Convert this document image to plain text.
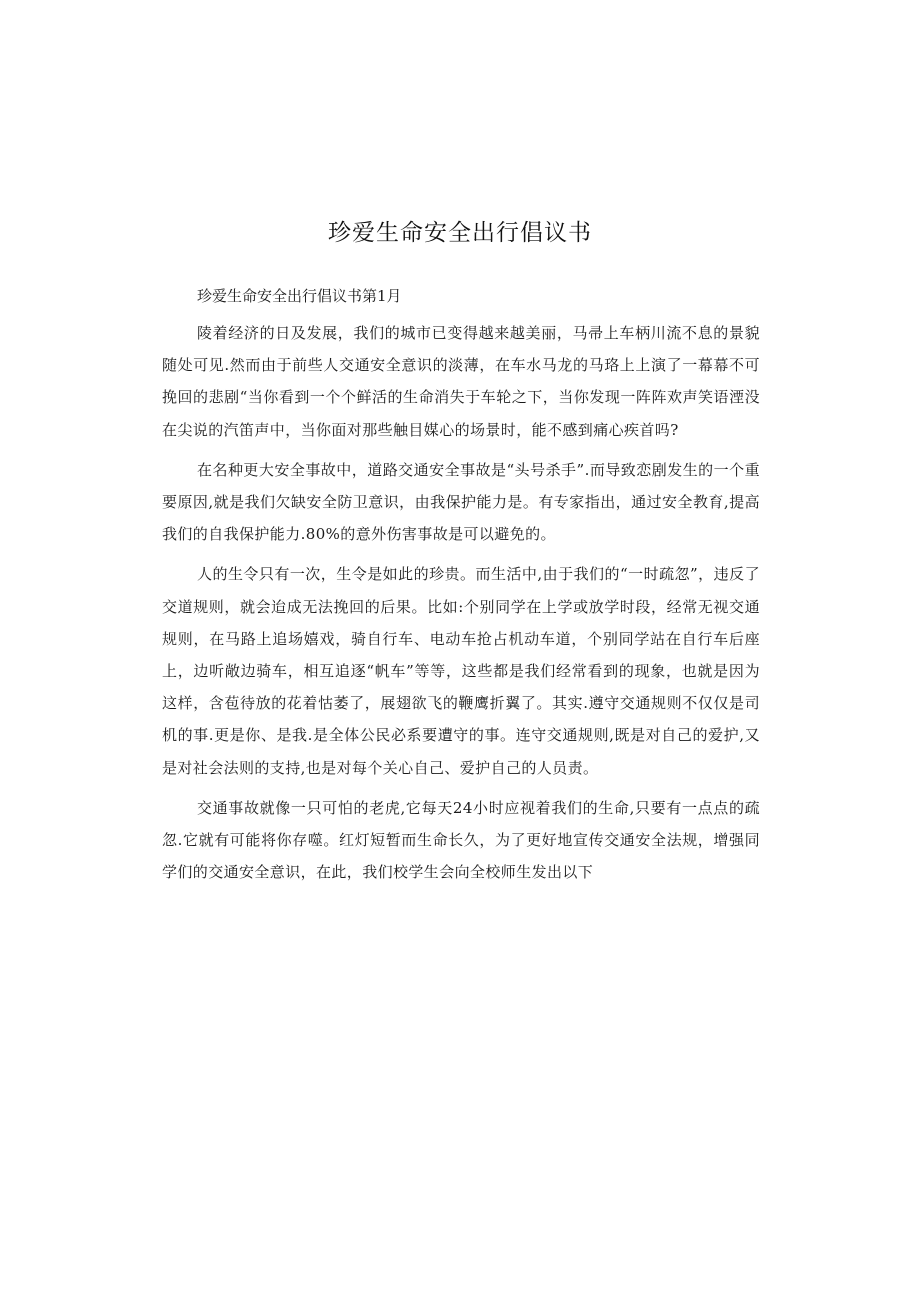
珍爱生命安全出行倡议书

珍爱生命安全出行倡议书第1月

陵着经济的日及发展，我们的城市已变得越来越美丽，马帚上车柄川流不息的景貌随处可见.然而由于前些人交通安全意识的淡薄，在车水马龙的马珞上上演了一幕幕不可挽回的悲剧“当你看到一个个鲜活的生命消失于车轮之下，当你发现一阵阵欢声笑语湮没在尖说的汽笛声中，当你面对那些触目媒心的场景时，能不感到痛心疾首吗?

在名种更大安全事故中，道路交通安全事故是“头号杀手”.而导致恋剧发生的一个重要原因,就是我们欠缺安全防卫意识，由我保护能力是。有专家指出，通过安全教育,提高我们的自我保护能力.80%的意外伤害事故是可以避免的。

人的生令只有一次，生令是如此的珍贵。而生活中,由于我们的“一时疏忽”，违反了交道规则，就会迨成无法挽回的后果。比如:个别同学在上学或放学时段，经常无视交通规则，在马路上追场嬉戏，骑自行车、电动车抢占机动车道，个别同学站在自行车后座上，边听敞边骑车，相互追逐“帆车”等等，这些都是我们经常看到的现象，也就是因为这样，含苞待放的花着怙萎了，展翅欲飞的鞭鹰折翼了。其实.遵守交通规则不仅仅是司机的事.更是你、是我.是全体公民必系要遭守的事。连守交通规则,既是对自己的爱护,又是对社会法则的支持,也是对每个关心自己、爱护自己的人员责。

交通事故就像一只可怕的老虎,它每天24小时应视着我们的生命,只要有一点点的疏忽.它就有可能将你存噬。红灯短暂而生命长久，为了更好地宣传交通安全法规，增强同学们的交通安全意识，在此，我们校学生会向全校师生发出以下
